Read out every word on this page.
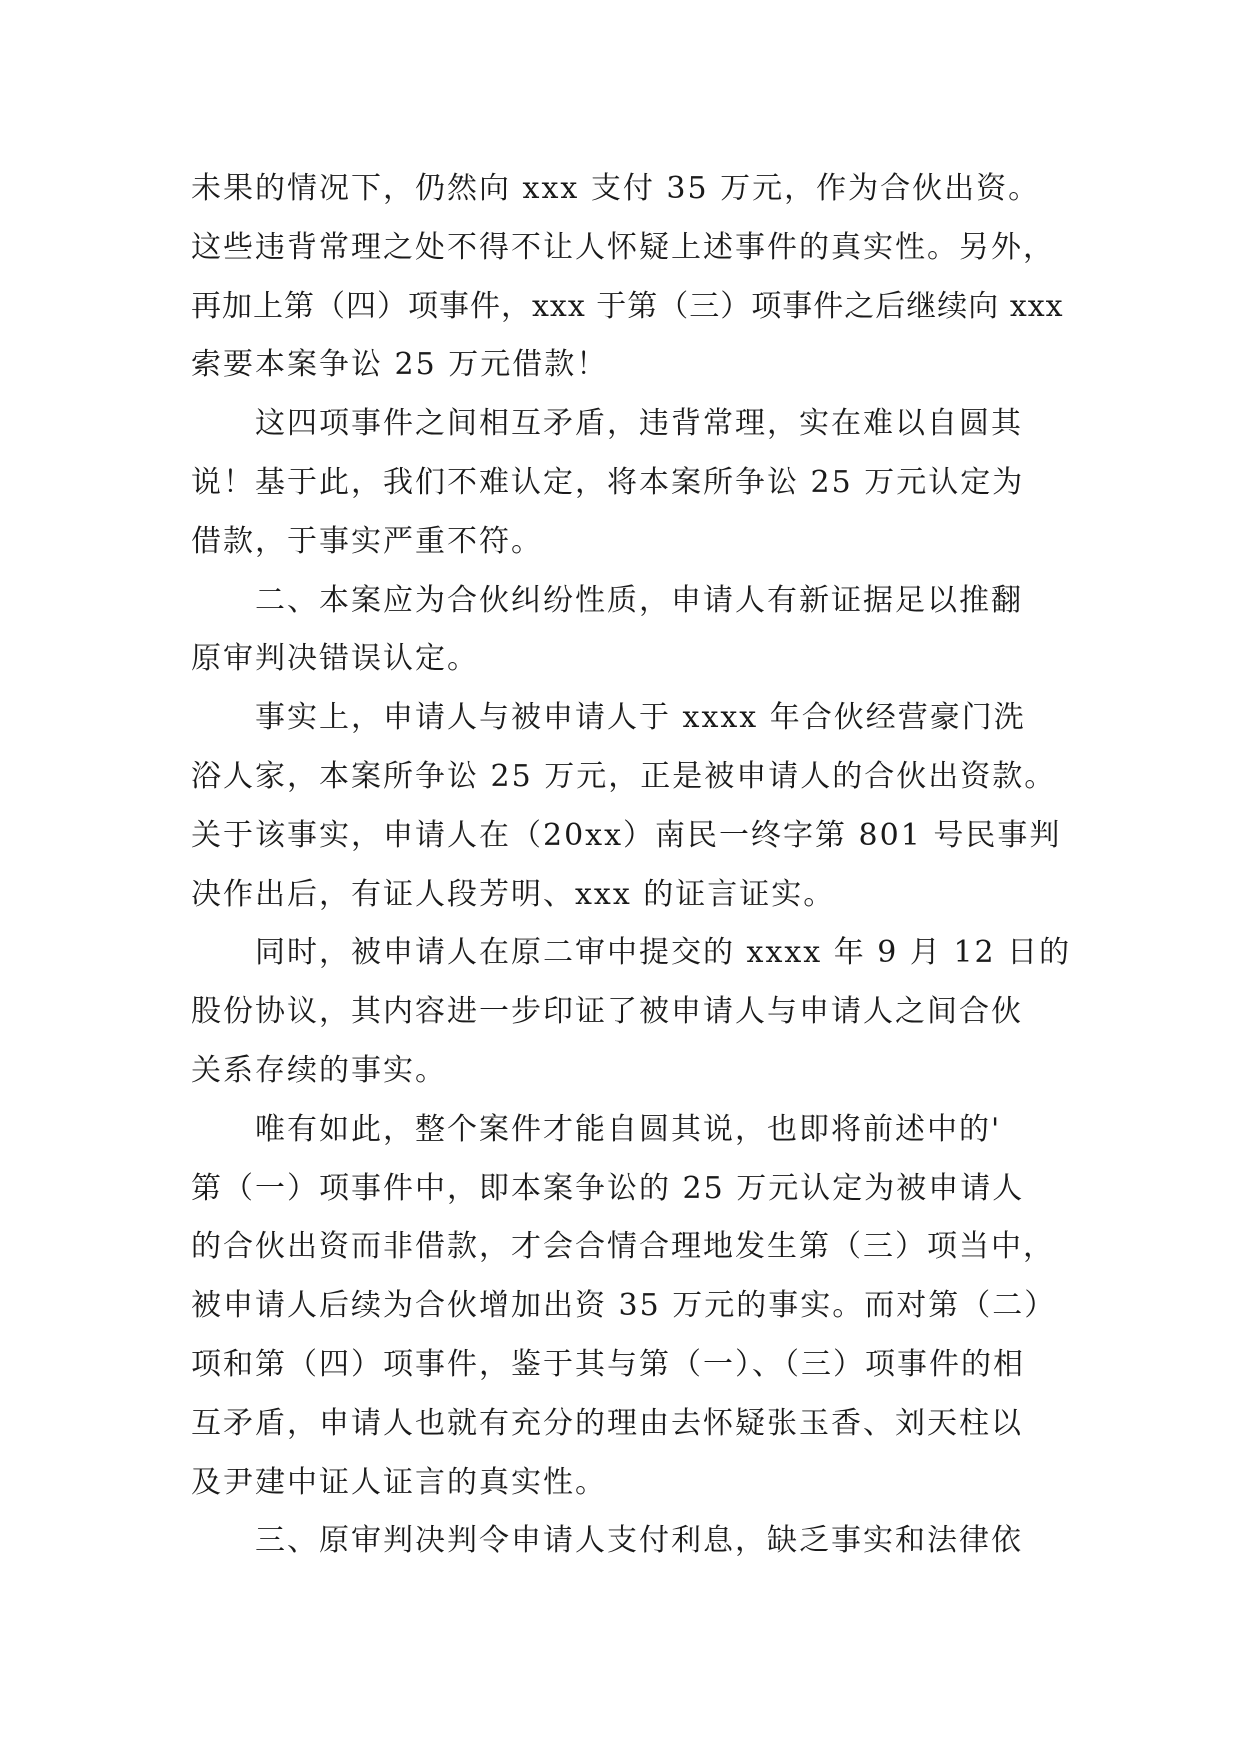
未果的情况下，仍然向 xxx 支付 35 万元，作为合伙出资。
这些违背常理之处不得不让人怀疑上述事件的真实性。另外，
再加上第（四）项事件，xxx 于第（三）项事件之后继续向 xxx
索要本案争讼 25 万元借款！
这四项事件之间相互矛盾，违背常理，实在难以自圆其
说！基于此，我们不难认定，将本案所争讼 25 万元认定为
借款，于事实严重不符。
二、本案应为合伙纠纷性质，申请人有新证据足以推翻
原审判决错误认定。
事实上，申请人与被申请人于 xxxx 年合伙经营豪门洗
浴人家，本案所争讼 25 万元，正是被申请人的合伙出资款。
关于该事实，申请人在（20xx）南民一终字第 801 号民事判
决作出后，有证人段芳明、xxx 的证言证实。
同时，被申请人在原二审中提交的 xxxx 年 9 月 12 日的
股份协议，其内容进一步印证了被申请人与申请人之间合伙
关系存续的事实。
唯有如此，整个案件才能自圆其说，也即将前述中的'
第（一）项事件中，即本案争讼的 25 万元认定为被申请人
的合伙出资而非借款，才会合情合理地发生第（三）项当中，
被申请人后续为合伙增加出资 35 万元的事实。而对第（二）
项和第（四）项事件，鉴于其与第（一）、（三）项事件的相
互矛盾，申请人也就有充分的理由去怀疑张玉香、刘天柱以
及尹建中证人证言的真实性。
三、原审判决判令申请人支付利息，缺乏事实和法律依
